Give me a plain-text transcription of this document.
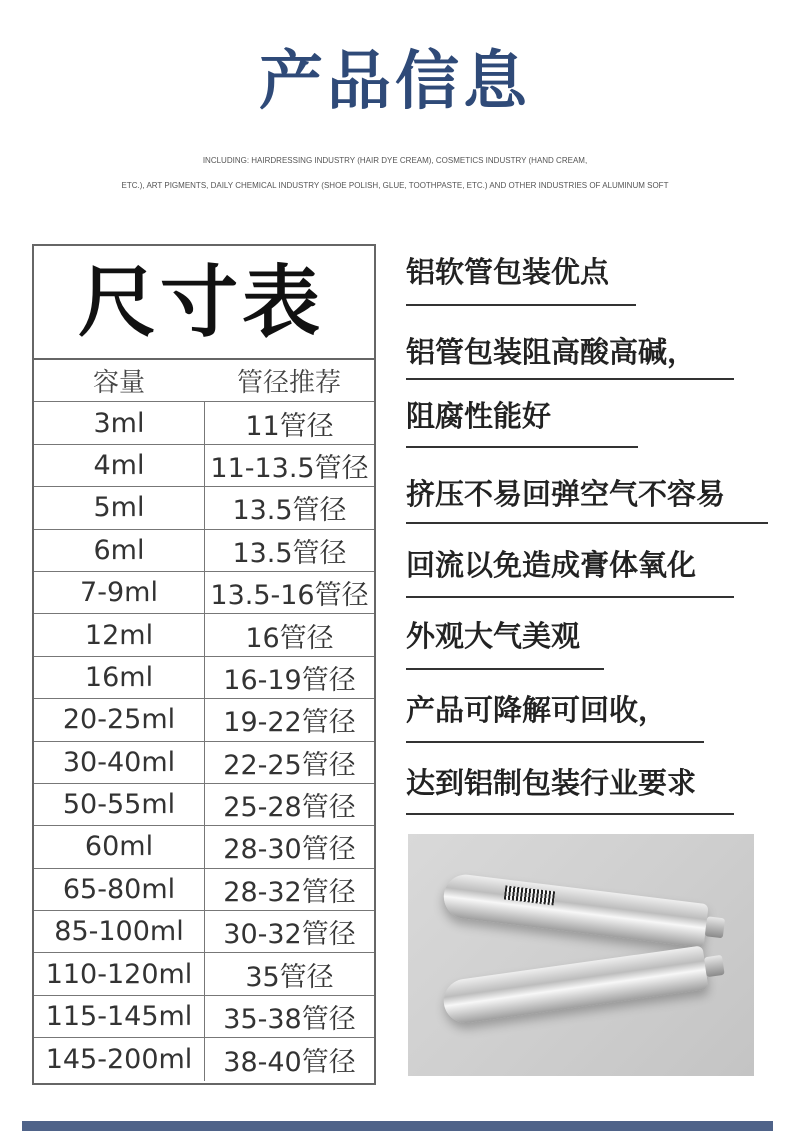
产品信息
INCLUDING: HAIRDRESSING INDUSTRY (HAIR DYE CREAM), COSMETICS INDUSTRY (HAND CREAM,
ETC.), ART PIGMENTS, DAILY CHEMICAL INDUSTRY (SHOE POLISH, GLUE, TOOTHPASTE, ETC.) AND OTHER INDUSTRIES OF ALUMINUM SOFT
尺寸表
容量	管径推荐
3ml	11管径
4ml	11-13.5管径
5ml	13.5管径
6ml	13.5管径
7-9ml	13.5-16管径
12ml	16管径
16ml	16-19管径
20-25ml	19-22管径
30-40ml	22-25管径
50-55ml	25-28管径
60ml	28-30管径
65-80ml	28-32管径
85-100ml	30-32管径
110-120ml	35管径
115-145ml	35-38管径
145-200ml	38-40管径
铝软管包装优点
铝管包装阻高酸高碱，
阻腐性能好
挤压不易回弹空气不容易
回流以免造成膏体氧化
外观大气美观
产品可降解可回收，
达到铝制包装行业要求
